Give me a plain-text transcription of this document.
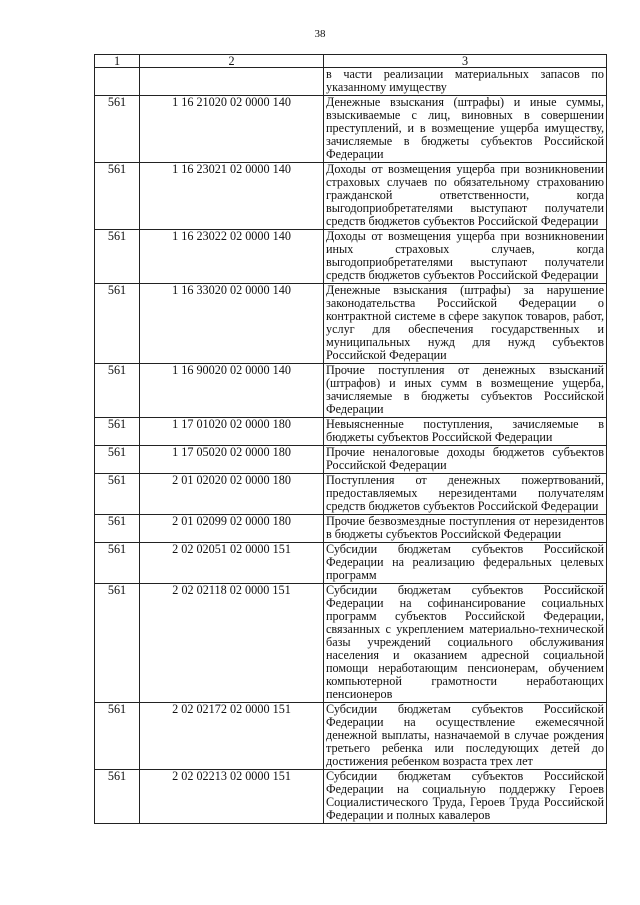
38
1	2	3
		в части реализации материальных запасов по указанному имуществу
561	1 16 21020 02 0000 140	Денежные взыскания (штрафы) и иные суммы, взыскиваемые с лиц, виновных в совершении преступлений, и в возмещение ущерба имуществу, зачисляемые в бюджеты субъектов Российской Федерации
561	1 16 23021 02 0000 140	Доходы от возмещения ущерба при возникновении страховых случаев по обязательному страхованию гражданской ответственности, когда выгодоприобретателями выступают получатели средств бюджетов субъектов Российской Федерации
561	1 16 23022 02 0000 140	Доходы от возмещения ущерба при возникновении иных страховых случаев, когда выгодоприобретателями выступают получатели средств бюджетов субъектов Российской Федерации
561	1 16 33020 02 0000 140	Денежные взыскания (штрафы) за нарушение законодательства Российской Федерации о контрактной системе в сфере закупок товаров, работ, услуг для обеспечения государственных и муниципальных нужд для нужд субъектов Российской Федерации
561	1 16 90020 02 0000 140	Прочие поступления от денежных взысканий (штрафов) и иных сумм в возмещение ущерба, зачисляемые в бюджеты субъектов Российской Федерации
561	1 17 01020 02 0000 180	Невыясненные поступления, зачисляемые в бюджеты субъектов Российской Федерации
561	1 17 05020 02 0000 180	Прочие неналоговые доходы бюджетов субъектов Российской Федерации
561	2 01 02020 02 0000 180	Поступления от денежных пожертвований, предоставляемых нерезидентами получателям средств бюджетов субъектов Российской Федерации
561	2 01 02099 02 0000 180	Прочие безвозмездные поступления от нерезидентов в бюджеты субъектов Российской Федерации
561	2 02 02051 02 0000 151	Субсидии бюджетам субъектов Российской Федерации на реализацию федеральных целевых программ
561	2 02 02118 02 0000 151	Субсидии бюджетам субъектов Российской Федерации на софинансирование социальных программ субъектов Российской Федерации, связанных с укреплением материально-технической базы учреждений социального обслуживания населения и оказанием адресной социальной помощи неработающим пенсионерам, обучением компьютерной грамотности неработающих пенсионеров
561	2 02 02172 02 0000 151	Субсидии бюджетам субъектов Российской Федерации на осуществление ежемесячной денежной выплаты, назначаемой в случае рождения третьего ребенка или последующих детей до достижения ребенком возраста трех лет
561	2 02 02213 02 0000 151	Субсидии бюджетам субъектов Российской Федерации на социальную поддержку Героев Социалистического Труда, Героев Труда Российской Федерации и полных кавалеров
